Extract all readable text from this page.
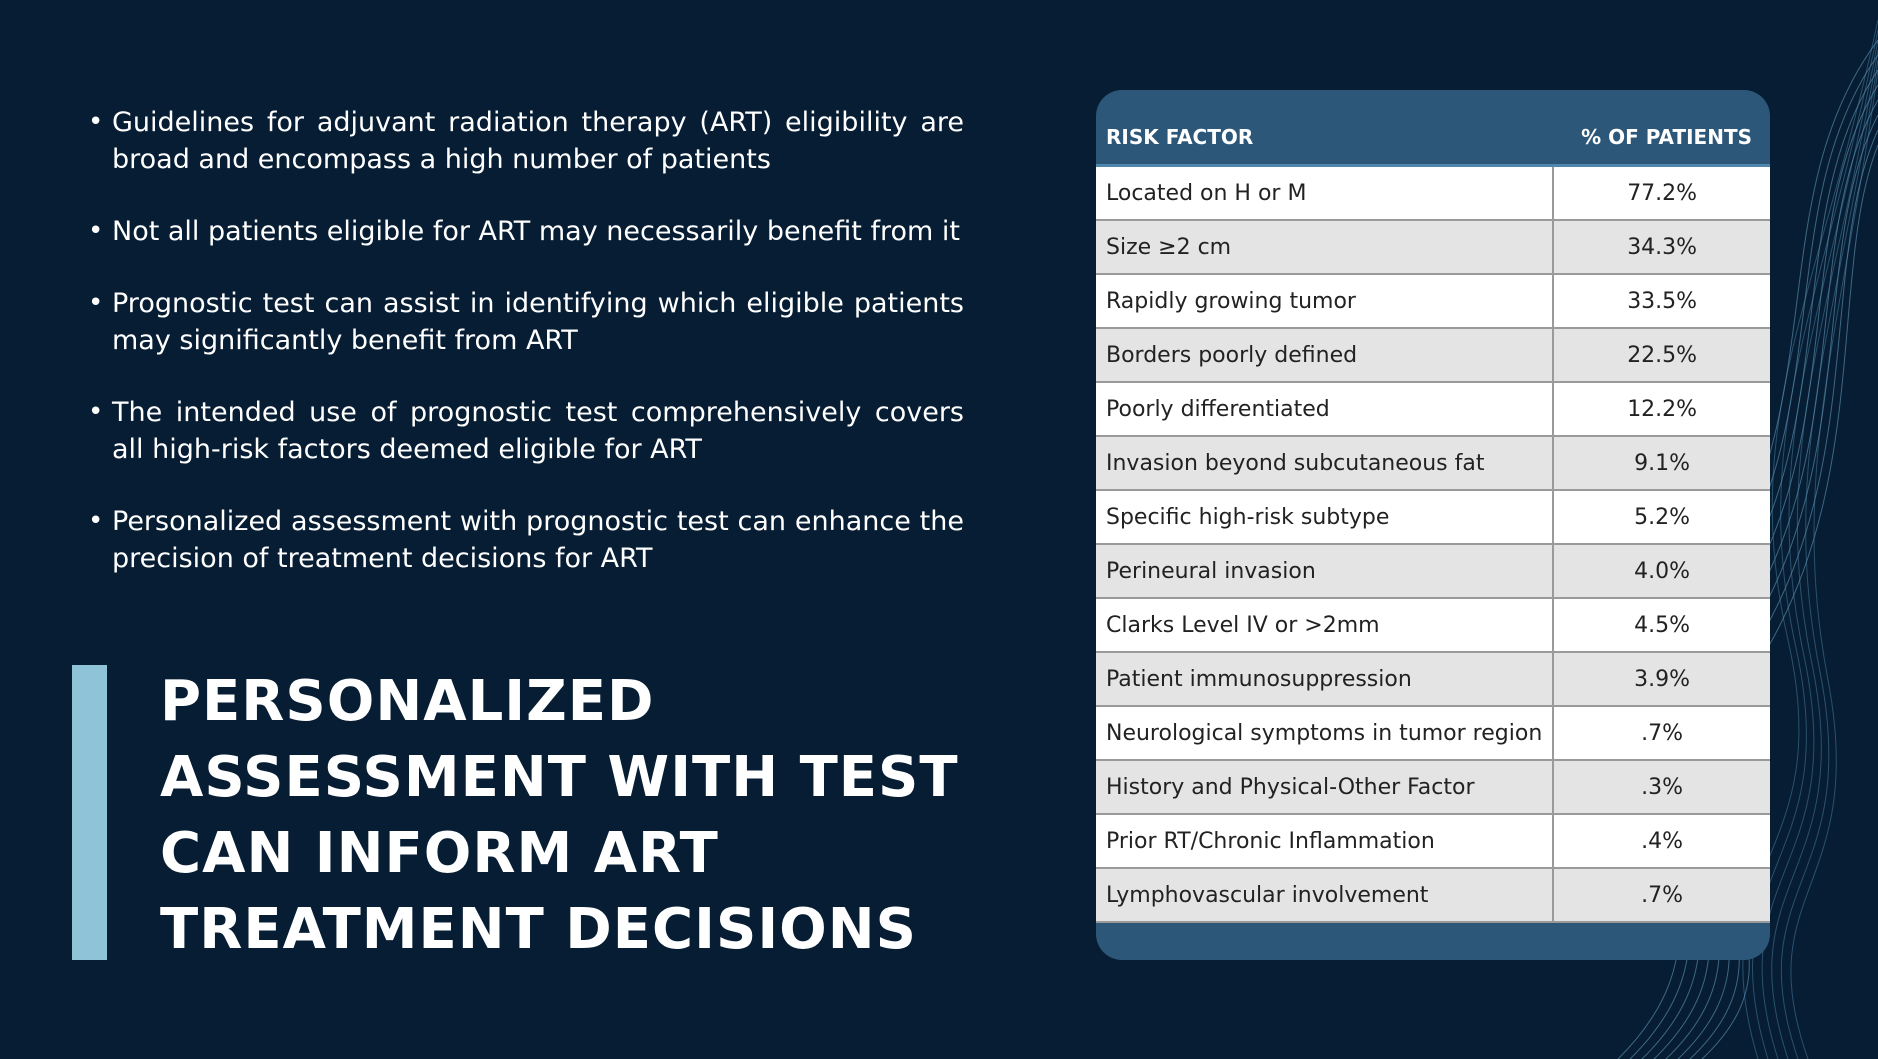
• Guidelines for adjuvant radiation therapy (ART) eligibility are broad and encompass a high number of patients
• Not all patients eligible for ART may necessarily benefit from it
• Prognostic test can assist in identifying which eligible patients may significantly benefit from ART
• The intended use of prognostic test comprehensively covers all high-risk factors deemed eligible for ART
• Personalized assessment with prognostic test can enhance the precision of treatment decisions for ART
PERSONALIZED ASSESSMENT WITH TEST CAN INFORM ART TREATMENT DECISIONS
RISK FACTOR	% OF PATIENTS
Located on H or M	77.2%
Size ≥2 cm	34.3%
Rapidly growing tumor	33.5%
Borders poorly defined	22.5%
Poorly differentiated	12.2%
Invasion beyond subcutaneous fat	9.1%
Specific high-risk subtype	5.2%
Perineural invasion	4.0%
Clarks Level IV or >2mm	4.5%
Patient immunosuppression	3.9%
Neurological symptoms in tumor region	.7%
History and Physical-Other Factor	.3%
Prior RT/Chronic Inflammation	.4%
Lymphovascular involvement	.7%
